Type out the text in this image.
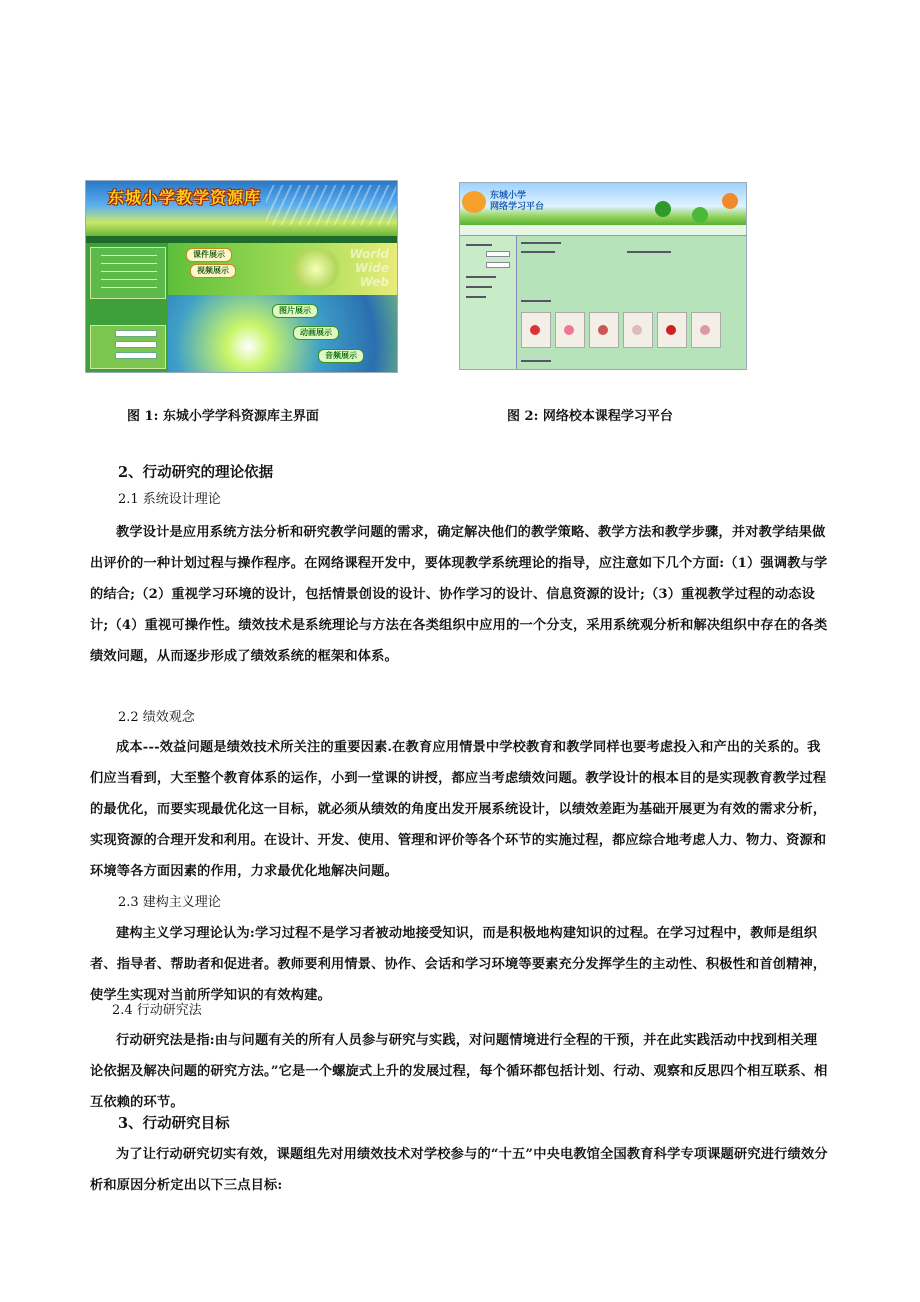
东城小学教学资源库
World
Wide
Web
课件展示
视频展示
图片展示
动画展示
音频展示
东城小学
网络学习平台
图 1: 东城小学学科资源库主界面	图 2: 网络校本课程学习平台
2、行动研究的理论依据
2.1 系统设计理论
教学设计是应用系统方法分析和研究教学问题的需求，确定解决他们的教学策略、教学方法和教学步骤，并对教学结果做出评价的一种计划过程与操作程序。在网络课程开发中，要体现教学系统理论的指导，应注意如下几个方面:（1）强调教与学的结合;（2）重视学习环境的设计，包括情景创设的设计、协作学习的设计、信息资源的设计;（3）重视教学过程的动态设计;（4）重视可操作性。绩效技术是系统理论与方法在各类组织中应用的一个分支，采用系统观分析和解决组织中存在的各类绩效问题，从而逐步形成了绩效系统的框架和体系。
2.2 绩效观念
成本---效益问题是绩效技术所关注的重要因素.在教育应用情景中学校教育和教学同样也要考虑投入和产出的关系的。我们应当看到，大至整个教育体系的运作，小到一堂课的讲授，都应当考虑绩效问题。教学设计的根本目的是实现教育教学过程的最优化，而要实现最优化这一目标，就必须从绩效的角度出发开展系统设计，以绩效差距为基础开展更为有效的需求分析，实现资源的合理开发和利用。在设计、开发、使用、管理和评价等各个环节的实施过程，都应综合地考虑人力、物力、资源和环境等各方面因素的作用，力求最优化地解决问题。
2.3 建构主义理论
建构主义学习理论认为:学习过程不是学习者被动地接受知识，而是积极地构建知识的过程。在学习过程中，教师是组织者、指导者、帮助者和促进者。教师要利用情景、协作、会话和学习环境等要素充分发挥学生的主动性、积极性和首创精神，使学生实现对当前所学知识的有效构建。
2.4 行动研究法
行动研究法是指:由与问题有关的所有人员参与研究与实践，对问题情境进行全程的干预，并在此实践活动中找到相关理论依据及解决问题的研究方法。”它是一个螺旋式上升的发展过程，每个循环都包括计划、行动、观察和反思四个相互联系、相互依赖的环节。
3、行动研究目标
为了让行动研究切实有效，课题组先对用绩效技术对学校参与的“十五”中央电教馆全国教育科学专项课题研究进行绩效分析和原因分析定出以下三点目标:
